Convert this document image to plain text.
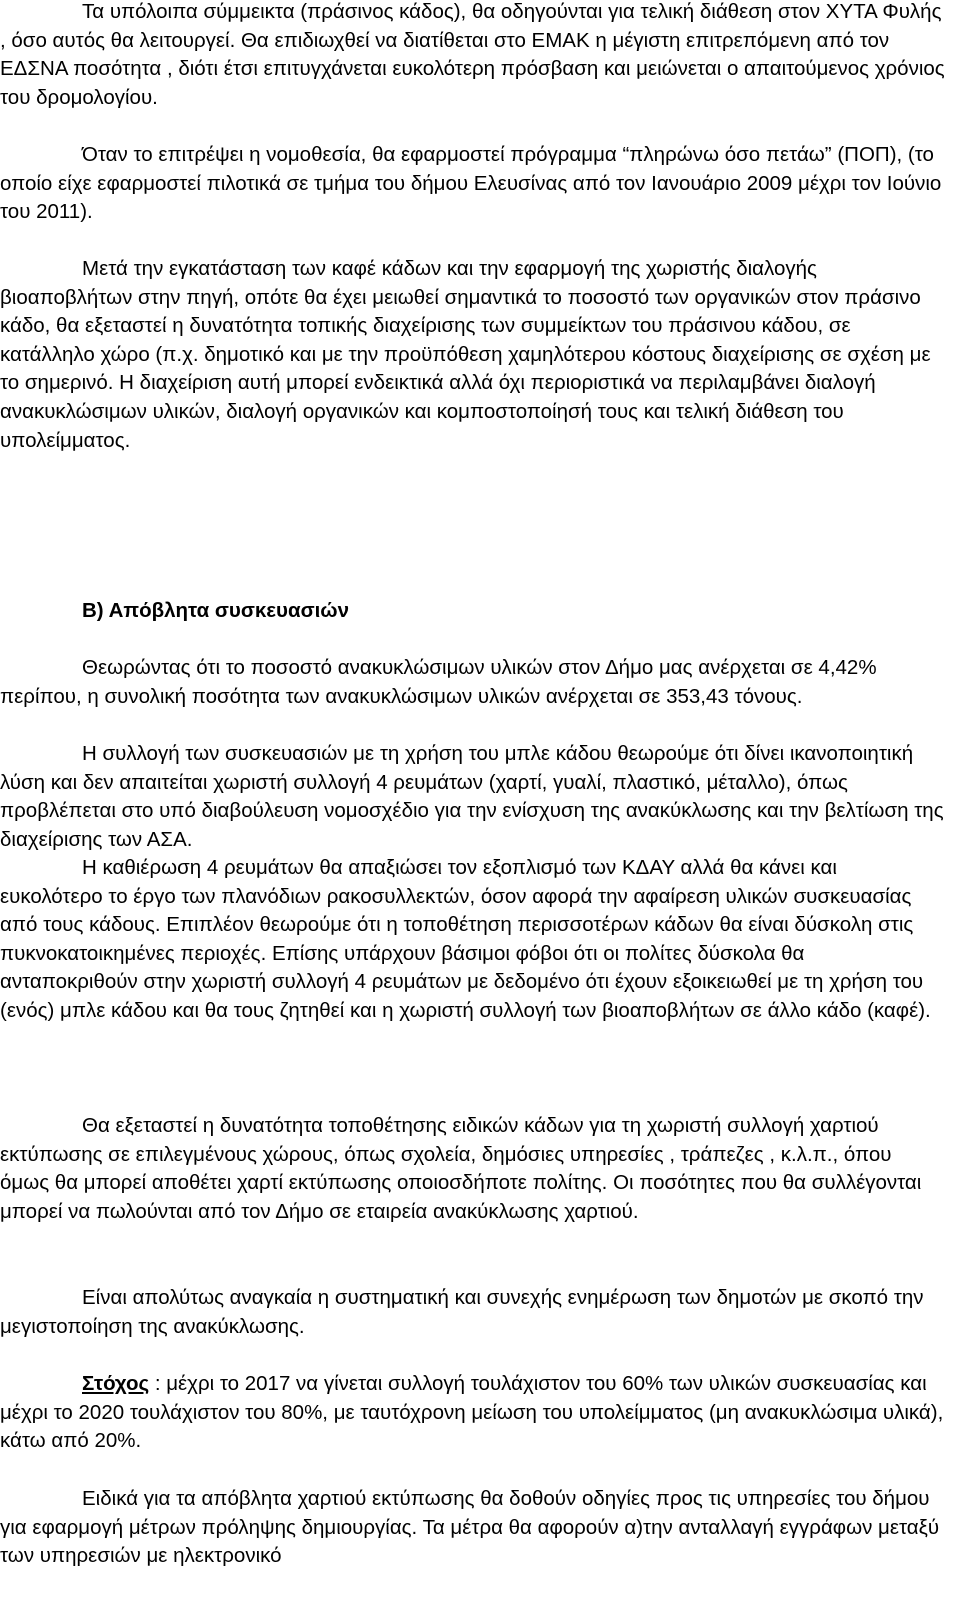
Τα υπόλοιπα σύμμεικτα (πράσινος κάδος), θα οδηγούνται για τελική διάθεση στον ΧΥΤΑ Φυλής , όσο αυτός θα λειτουργεί. Θα επιδιωχθεί να διατίθεται στο ΕΜΑΚ η μέγιστη επιτρεπόμενη από τον ΕΔΣΝΑ ποσότητα , διότι έτσι επιτυγχάνεται ευκολότερη πρόσβαση και μειώνεται ο απαιτούμενος χρόνιος του δρομολογίου.

Όταν το επιτρέψει η νομοθεσία, θα εφαρμοστεί πρόγραμμα “πληρώνω όσο πετάω” (ΠΟΠ), (το οποίο είχε εφαρμοστεί πιλοτικά σε τμήμα του δήμου Ελευσίνας από τον Ιανουάριο 2009 μέχρι τον Ιούνιο του 2011).

Μετά την εγκατάσταση των καφέ κάδων και την εφαρμογή της χωριστής διαλογής βιοαποβλήτων στην πηγή, οπότε θα έχει μειωθεί σημαντικά το ποσοστό των οργανικών στον πράσινο κάδο, θα εξεταστεί η δυνατότητα τοπικής διαχείρισης των συμμείκτων του πράσινου κάδου, σε κατάλληλο χώρο (π.χ. δημοτικό και με την προϋπόθεση χαμηλότερου κόστους διαχείρισης σε σχέση με το σημερινό. Η διαχείριση αυτή μπορεί ενδεικτικά αλλά όχι περιοριστικά να περιλαμβάνει διαλογή ανακυκλώσιμων υλικών, διαλογή οργανικών και κομποστοποίησή τους και τελική διάθεση του υπολείμματος.

Β) Απόβλητα συσκευασιών

Θεωρώντας ότι το ποσοστό ανακυκλώσιμων υλικών στον Δήμο μας ανέρχεται σε 4,42% περίπου, η συνολική ποσότητα των ανακυκλώσιμων υλικών ανέρχεται σε 353,43 τόνους.

Η συλλογή των συσκευασιών με τη χρήση του μπλε κάδου θεωρούμε ότι δίνει ικανοποιητική λύση και δεν απαιτείται χωριστή συλλογή 4 ρευμάτων (χαρτί, γυαλί, πλαστικό, μέταλλο), όπως προβλέπεται στο υπό διαβούλευση νομοσχέδιο για την ενίσχυση της ανακύκλωσης και την βελτίωση της διαχείρισης των ΑΣΑ.

Η καθιέρωση 4 ρευμάτων θα απαξιώσει τον εξοπλισμό των ΚΔΑΥ αλλά θα κάνει και ευκολότερο το έργο των πλανόδιων ρακοσυλλεκτών, όσον αφορά την αφαίρεση υλικών συσκευασίας από τους κάδους. Επιπλέον θεωρούμε ότι η τοποθέτηση περισσοτέρων κάδων θα είναι δύσκολη στις πυκνοκατοικημένες περιοχές. Επίσης υπάρχουν βάσιμοι φόβοι ότι οι πολίτες δύσκολα θα ανταποκριθούν στην χωριστή συλλογή 4 ρευμάτων με δεδομένο ότι έχουν εξοικειωθεί με τη χρήση του (ενός) μπλε κάδου και θα τους ζητηθεί και η χωριστή συλλογή των βιοαποβλήτων σε άλλο κάδο (καφέ).

Θα εξεταστεί η δυνατότητα τοποθέτησης ειδικών κάδων για τη χωριστή συλλογή χαρτιού εκτύπωσης σε επιλεγμένους χώρους, όπως σχολεία, δημόσιες υπηρεσίες , τράπεζες , κ.λ.π., όπου όμως θα μπορεί αποθέτει χαρτί εκτύπωσης οποιοσδήποτε πολίτης. Οι ποσότητες που θα συλλέγονται μπορεί να πωλούνται από τον Δήμο σε εταιρεία ανακύκλωσης χαρτιού.

Είναι απολύτως αναγκαία η συστηματική και συνεχής ενημέρωση των δημοτών με σκοπό την μεγιστοποίηση της ανακύκλωσης.

Στόχος : μέχρι το 2017 να γίνεται συλλογή τουλάχιστον του 60% των υλικών συσκευασίας και μέχρι το 2020 τουλάχιστον του 80%, με ταυτόχρονη μείωση του υπολείμματος (μη ανακυκλώσιμα υλικά), κάτω από 20%.

Ειδικά για τα απόβλητα χαρτιού εκτύπωσης θα δοθούν οδηγίες προς τις υπηρεσίες του δήμου για εφαρμογή μέτρων πρόληψης δημιουργίας. Τα μέτρα θα αφορούν α)την ανταλλαγή εγγράφων μεταξύ των υπηρεσιών με ηλεκτρονικό
